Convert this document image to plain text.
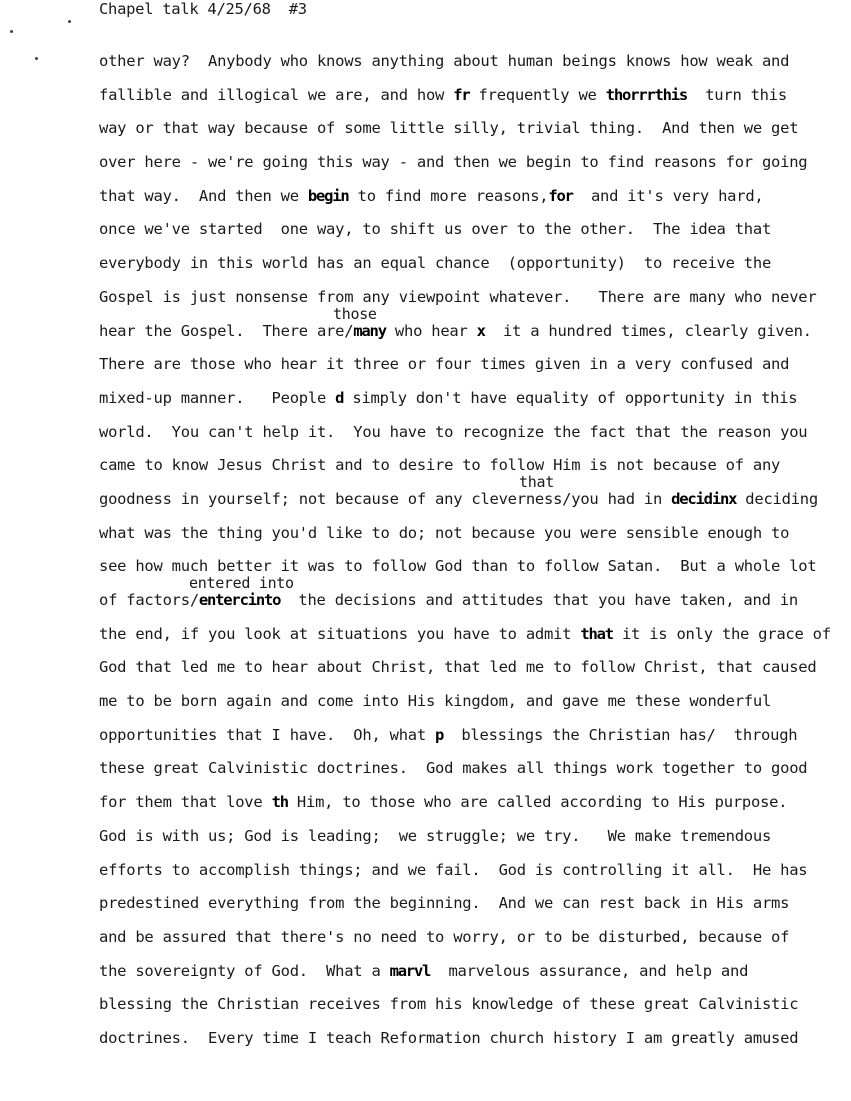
Chapel talk 4/25/68 #3
other way?  Anybody who knows anything about human beings knows how weak and
fallible and illogical we are, and how fr frequently we thorrrthis  turn this
way or that way because of some little silly, trivial thing.  And then we get
over here - we're going this way - and then we begin to find reasons for going
that way.  And then we begin to find more reasons,for  and it's very hard,
once we've started  one way, to shift us over to the other.  The idea that
everybody in this world has an equal chance  (opportunity)  to receive the
Gospel is just nonsense from any viewpoint whatever.   There are many who never
those
hear the Gospel.  There are/many who hear x  it a hundred times, clearly given.
There are those who hear it three or four times given in a very confused and
mixed-up manner.   People d simply don't have equality of opportunity in this
world.  You can't help it.  You have to recognize the fact that the reason you
came to know Jesus Christ and to desire to follow Him is not because of any
that
goodness in yourself; not because of any cleverness/you had in decidinx deciding
what was the thing you'd like to do; not because you were sensible enough to
see how much better it was to follow God than to follow Satan.  But a whole lot
entered into
of factors/entercinto  the decisions and attitudes that you have taken, and in
the end, if you look at situations you have to admit that it is only the grace of
God that led me to hear about Christ, that led me to follow Christ, that caused
me to be born again and come into His kingdom, and gave me these wonderful
opportunities that I have.  Oh, what p  blessings the Christian has/  through
these great Calvinistic doctrines.  God makes all things work together to good
for them that love th Him, to those who are called according to His purpose.
God is with us; God is leading;  we struggle; we try.   We make tremendous
efforts to accomplish things; and we fail.  God is controlling it all.  He has
predestined everything from the beginning.  And we can rest back in His arms
and be assured that there's no need to worry, or to be disturbed, because of
the sovereignty of God.  What a marvl  marvelous assurance, and help and
blessing the Christian receives from his knowledge of these great Calvinistic
doctrines.  Every time I teach Reformation church history I am greatly amused
